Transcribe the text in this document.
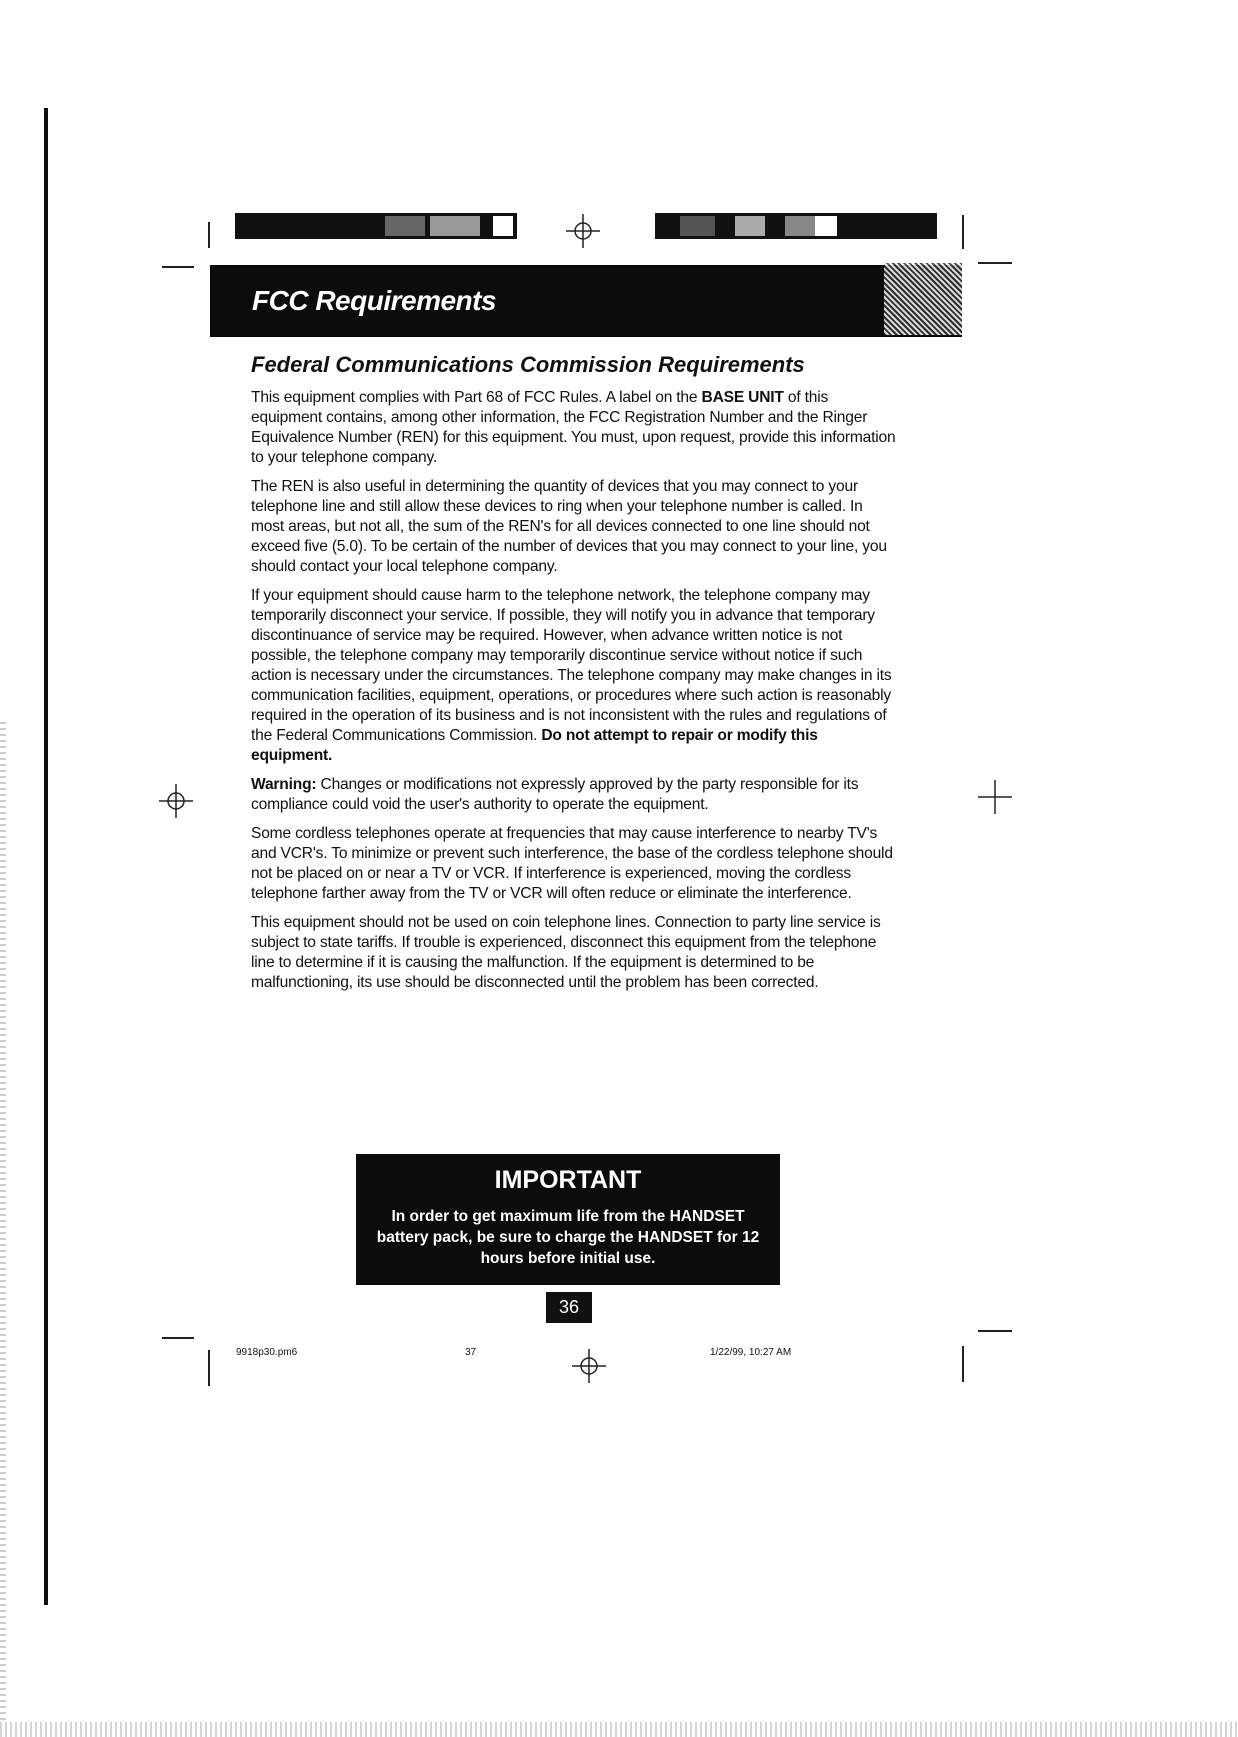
FCC Requirements
Federal Communications Commission Requirements

This equipment complies with Part 68 of FCC Rules. A label on the BASE UNIT of this equipment contains, among other information, the FCC Registration Number and the Ringer Equivalence Number (REN) for this equipment. You must, upon request, provide this information to your telephone company.

The REN is also useful in determining the quantity of devices that you may connect to your telephone line and still allow these devices to ring when your telephone number is called. In most areas, but not all, the sum of the REN's for all devices connected to one line should not exceed five (5.0). To be certain of the number of devices that you may connect to your line, you should contact your local telephone company.

If your equipment should cause harm to the telephone network, the telephone company may temporarily disconnect your service. If possible, they will notify you in advance that temporary discontinuance of service may be required. However, when advance written notice is not possible, the telephone company may temporarily discontinue service without notice if such action is necessary under the circumstances. The telephone company may make changes in its communication facilities, equipment, operations, or procedures where such action is reasonably required in the operation of its business and is not inconsistent with the rules and regulations of the Federal Communications Commission. Do not attempt to repair or modify this equipment.

Warning: Changes or modifications not expressly approved by the party responsible for its compliance could void the user's authority to operate the equipment.

Some cordless telephones operate at frequencies that may cause interference to nearby TV's and VCR's. To minimize or prevent such interference, the base of the cordless telephone should not be placed on or near a TV or VCR. If interference is experienced, moving the cordless telephone farther away from the TV or VCR will often reduce or eliminate the interference.

This equipment should not be used on coin telephone lines. Connection to party line service is subject to state tariffs. If trouble is experienced, disconnect this equipment from the telephone line to determine if it is causing the malfunction. If the equipment is determined to be malfunctioning, its use should be disconnected until the problem has been corrected.

IMPORTANT
In order to get maximum life from the HANDSET battery pack, be sure to charge the HANDSET for 12 hours before initial use.
36
9918p30.pm6	37	1/22/99, 10:27 AM
